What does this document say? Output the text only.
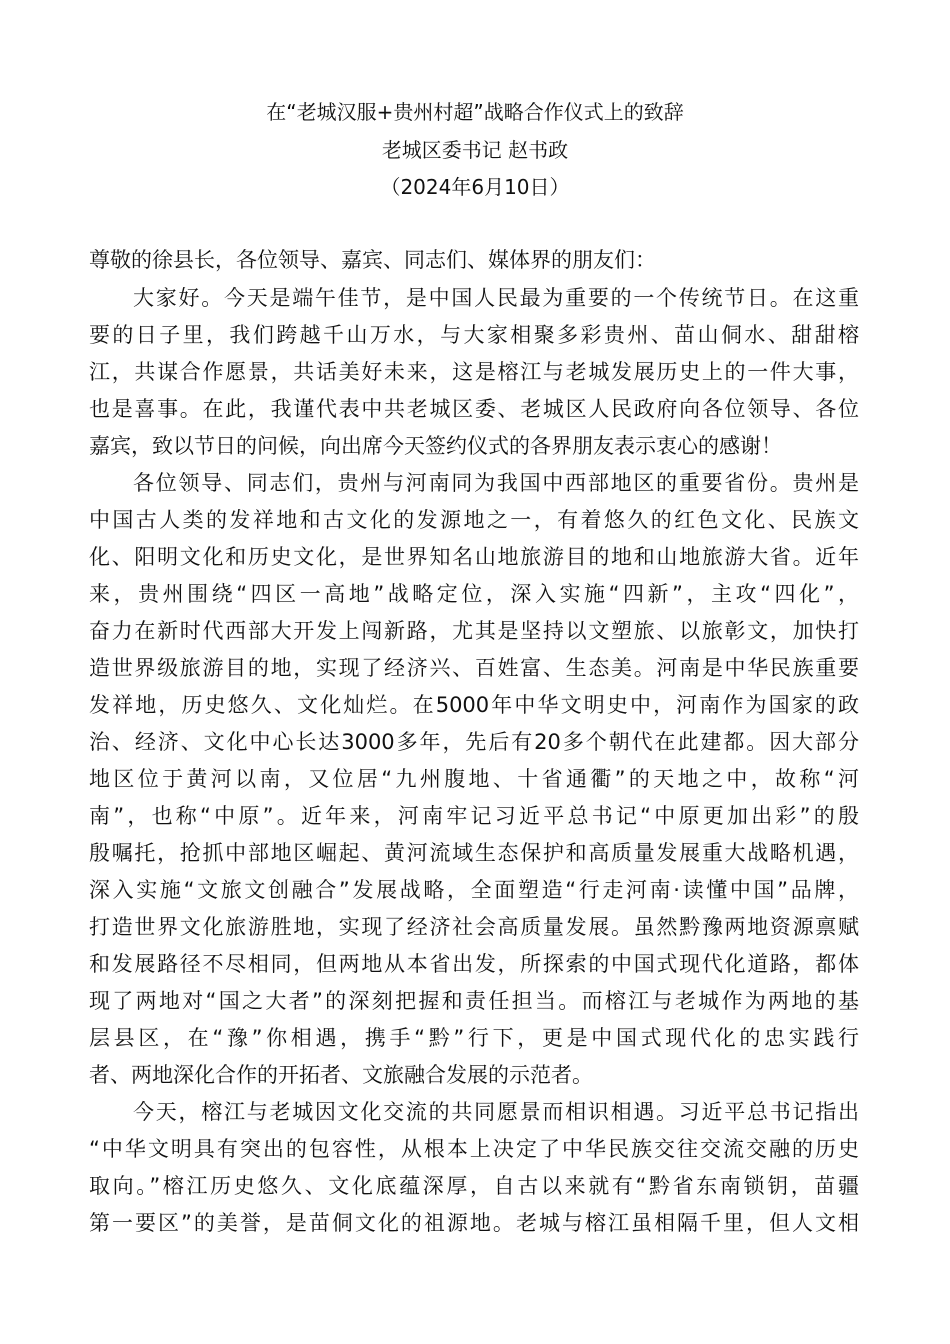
在“老城汉服+贵州村超”战略合作仪式上的致辞
老城区委书记 赵书政
（2024年6月10日）
尊敬的徐县长，各位领导、嘉宾、同志们、媒体界的朋友们：
大家好。今天是端午佳节，是中国人民最为重要的一个传统节日。在这重
要的日子里，我们跨越千山万水，与大家相聚多彩贵州、苗山侗水、甜甜榕
江，共谋合作愿景，共话美好未来，这是榕江与老城发展历史上的一件大事，
也是喜事。在此，我谨代表中共老城区委、老城区人民政府向各位领导、各位
嘉宾，致以节日的问候，向出席今天签约仪式的各界朋友表示衷心的感谢！
各位领导、同志们，贵州与河南同为我国中西部地区的重要省份。贵州是
中国古人类的发祥地和古文化的发源地之一，有着悠久的红色文化、民族文
化、阳明文化和历史文化，是世界知名山地旅游目的地和山地旅游大省。近年
来，贵州围绕“四区一高地”战略定位，深入实施“四新”，主攻“四化”，
奋力在新时代西部大开发上闯新路，尤其是坚持以文塑旅、以旅彰文，加快打
造世界级旅游目的地，实现了经济兴、百姓富、生态美。河南是中华民族重要
发祥地，历史悠久、文化灿烂。在5000年中华文明史中，河南作为国家的政
治、经济、文化中心长达3000多年，先后有20多个朝代在此建都。因大部分
地区位于黄河以南，又位居“九州腹地、十省通衢”的天地之中，故称“河
南”，也称“中原”。近年来，河南牢记习近平总书记“中原更加出彩”的殷
殷嘱托，抢抓中部地区崛起、黄河流域生态保护和高质量发展重大战略机遇，
深入实施“文旅文创融合”发展战略，全面塑造“行走河南·读懂中国”品牌，
打造世界文化旅游胜地，实现了经济社会高质量发展。虽然黔豫两地资源禀赋
和发展路径不尽相同，但两地从本省出发，所探索的中国式现代化道路，都体
现了两地对“国之大者”的深刻把握和责任担当。而榕江与老城作为两地的基
层县区，在“豫”你相遇，携手“黔”行下，更是中国式现代化的忠实践行
者、两地深化合作的开拓者、文旅融合发展的示范者。
今天，榕江与老城因文化交流的共同愿景而相识相遇。习近平总书记指出
“中华文明具有突出的包容性，从根本上决定了中华民族交往交流交融的历史
取向。”榕江历史悠久、文化底蕴深厚，自古以来就有“黔省东南锁钥，苗疆
第一要区”的美誉，是苗侗文化的祖源地。老城与榕江虽相隔千里，但人文相
